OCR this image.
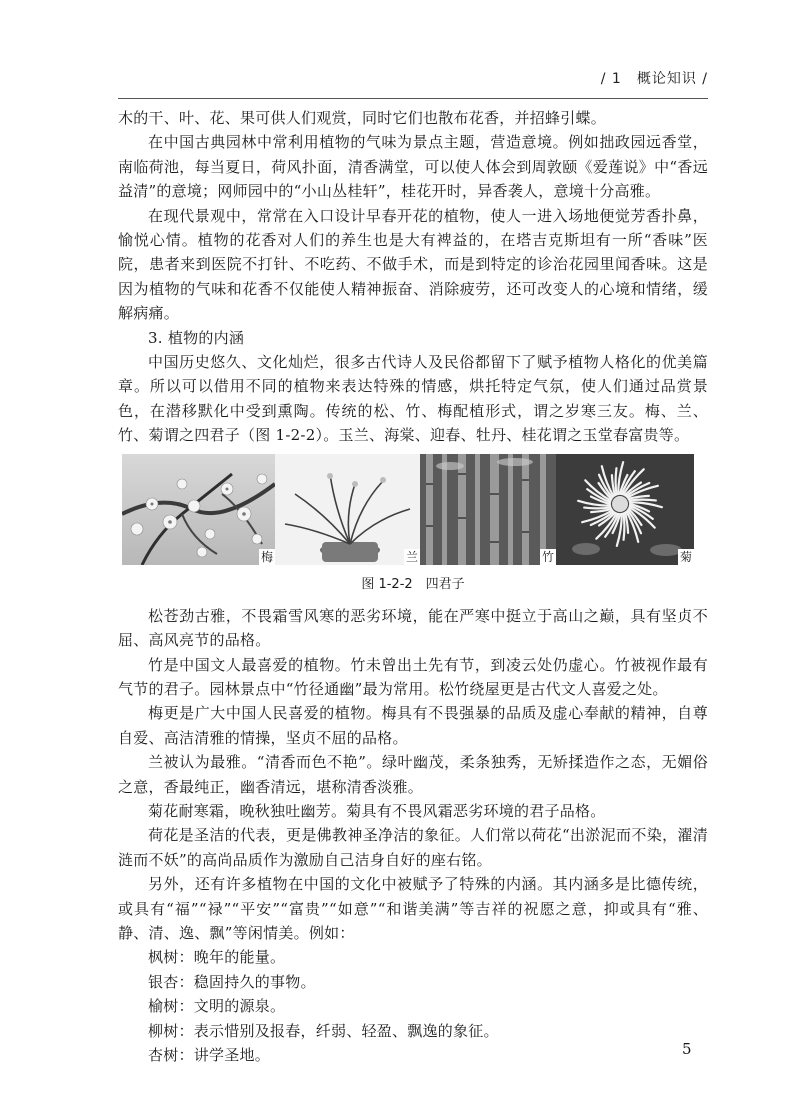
/ 1　概论知识 /

木的干、叶、花、果可供人们观赏，同时它们也散布花香，并招蜂引蝶。

在中国古典园林中常利用植物的气味为景点主题，营造意境。例如拙政园远香堂，南临荷池，每当夏日，荷风扑面，清香满堂，可以使人体会到周敦颐《爱莲说》中“香远益清”的意境；网师园中的“小山丛桂轩”，桂花开时，异香袭人，意境十分高雅。

在现代景观中，常常在入口设计早春开花的植物，使人一进入场地便觉芳香扑鼻，愉悦心情。植物的花香对人们的养生也是大有裨益的，在塔吉克斯坦有一所“香味”医院，患者来到医院不打针、不吃药、不做手术，而是到特定的诊治花园里闻香味。这是因为植物的气味和花香不仅能使人精神振奋、消除疲劳，还可改变人的心境和情绪，缓解病痛。

3. 植物的内涵

中国历史悠久、文化灿烂，很多古代诗人及民俗都留下了赋予植物人格化的优美篇章。所以可以借用不同的植物来表达特殊的情感，烘托特定气氛，使人们通过品赏景色，在潜移默化中受到熏陶。传统的松、竹、梅配植形式，谓之岁寒三友。梅、兰、竹、菊谓之四君子（图 1-2-2）。玉兰、海棠、迎春、牡丹、桂花谓之玉堂春富贵等。

梅	兰	竹	菊
图 1-2-2　四君子

松苍劲古雅，不畏霜雪风寒的恶劣环境，能在严寒中挺立于高山之巅，具有坚贞不屈、高风亮节的品格。

竹是中国文人最喜爱的植物。竹未曾出土先有节，到凌云处仍虚心。竹被视作最有气节的君子。园林景点中“竹径通幽”最为常用。松竹绕屋更是古代文人喜爱之处。

梅更是广大中国人民喜爱的植物。梅具有不畏强暴的品质及虚心奉献的精神，自尊自爱、高洁清雅的情操，坚贞不屈的品格。

兰被认为最雅。“清香而色不艳”。绿叶幽茂，柔条独秀，无矫揉造作之态，无媚俗之意，香最纯正，幽香清远，堪称清香淡雅。

菊花耐寒霜，晚秋独吐幽芳。菊具有不畏风霜恶劣环境的君子品格。

荷花是圣洁的代表，更是佛教神圣净洁的象征。人们常以荷花“出淤泥而不染，濯清涟而不妖”的高尚品质作为激励自己洁身自好的座右铭。

另外，还有许多植物在中国的文化中被赋予了特殊的内涵。其内涵多是比德传统，或具有“福”“禄”“平安”“富贵”“如意”“和谐美满”等吉祥的祝愿之意，抑或具有“雅、静、清、逸、飘”等闲情美。例如：

枫树：晚年的能量。

银杏：稳固持久的事物。

榆树：文明的源泉。

柳树：表示惜别及报春，纤弱、轻盈、飘逸的象征。

杏树：讲学圣地。	5
